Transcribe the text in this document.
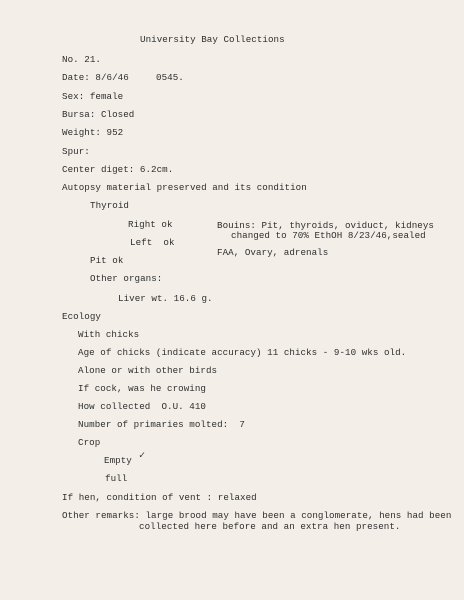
University Bay Collections
No. 21.
Date: 8/6/46	0545.
Sex: female
Bursa: Closed
Weight: 952
Spur:
Center diget: 6.2cm.
Autopsy material preserved and its condition
Thyroid
Right ok	Bouins: Pit, thyroids, oviduct, kidneys
changed to 70% EthOH 8/23/46,sealed
Left  ok
FAA, Ovary, adrenals
Pit ok
Other organs:
Liver wt. 16.6 g.
Ecology
With chicks
Age of chicks (indicate accuracy) 11 chicks - 9-10 wks old.
Alone or with other birds
If cock, was he crowing
How collected  O.U. 410
Number of primaries molted:  7
Crop
Empty ✓
full
If hen, condition of vent : relaxed
Other remarks: large brood may have been a conglomerate, hens had been
collected here before and an extra hen present.
